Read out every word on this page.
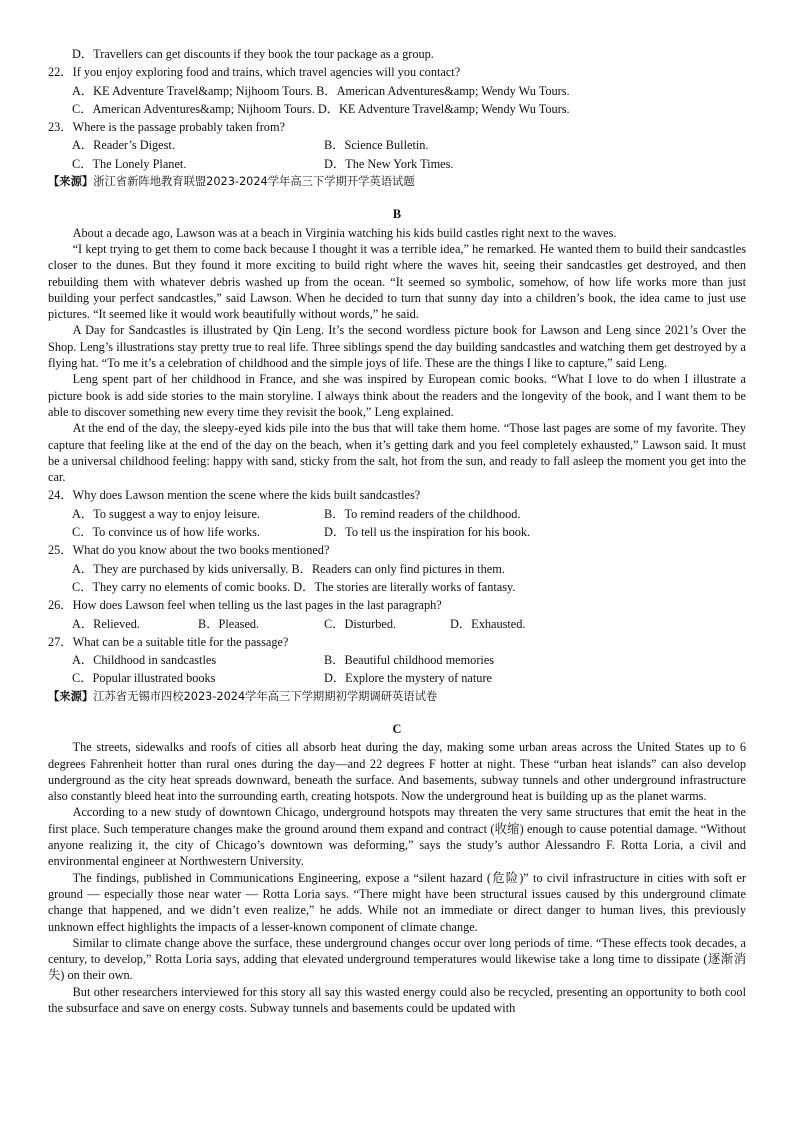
D．Travellers can get discounts if they book the tour package as a group.
22．If you enjoy exploring food and trains, which travel agencies will you contact?
A．KE Adventure Travel&amp; Nijhoom Tours. B．American Adventures&amp; Wendy Wu Tours.
C．American Adventures&amp; Nijhoom Tours. D．KE Adventure Travel&amp; Wendy Wu Tours.
23．Where is the passage probably taken from?
A．Reader’s Digest.	B．Science Bulletin.
C．The Lonely Planet.	D．The New York Times.
【来源】浙江省新阵地教育联盟2023-2024学年高三下学期开学英语试题
B

About a decade ago, Lawson was at a beach in Virginia watching his kids build castles right next to the waves.

“I kept trying to get them to come back because I thought it was a terrible idea,” he remarked. He wanted them to build their sandcastles closer to the dunes. But they found it more exciting to build right where the waves hit, seeing their sandcastles get destroyed, and then rebuilding them with whatever debris washed up from the ocean. “It seemed so symbolic, somehow, of how life works more than just building your perfect sandcastles,” said Lawson. When he decided to turn that sunny day into a children’s book, the idea came to just use pictures. “It seemed like it would work beautifully without words,” he said.

A Day for Sandcastles is illustrated by Qin Leng. It’s the second wordless picture book for Lawson and Leng since 2021’s Over the Shop. Leng’s illustrations stay pretty true to real life. Three siblings spend the day building sandcastles and watching them get destroyed by a flying hat. “To me it’s a celebration of childhood and the simple joys of life. These are the things I like to capture,” said Leng.

Leng spent part of her childhood in France, and she was inspired by European comic books. “What I love to do when I illustrate a picture book is add side stories to the main storyline. I always think about the readers and the longevity of the book, and I want them to be able to discover something new every time they revisit the book,” Leng explained.

At the end of the day, the sleepy-eyed kids pile into the bus that will take them home. “Those last pages are some of my favorite. They capture that feeling like at the end of the day on the beach, when it’s getting dark and you feel completely exhausted,” Lawson said. It must be a universal childhood feeling: happy with sand, sticky from the salt, hot from the sun, and ready to fall asleep the moment you get into the car.

24．Why does Lawson mention the scene where the kids built sandcastles?
A．To suggest a way to enjoy leisure.	B．To remind readers of the childhood.
C．To convince us of how life works.	D．To tell us the inspiration for his book.
25．What do you know about the two books mentioned?
A．They are purchased by kids universally. B．Readers can only find pictures in them.
C．They carry no elements of comic books. D．The stories are literally works of fantasy.
26．How does Lawson feel when telling us the last pages in the last paragraph?
A．Relieved.	B．Pleased.	C．Disturbed.	D．Exhausted.
27．What can be a suitable title for the passage?
A．Childhood in sandcastles	B．Beautiful childhood memories
C．Popular illustrated books	D．Explore the mystery of nature
【来源】江苏省无锡市四校2023-2024学年高三下学期期初学期调研英语试卷
C

The streets, sidewalks and roofs of cities all absorb heat during the day, making some urban areas across the United States up to 6 degrees Fahrenheit hotter than rural ones during the day—and 22 degrees F hotter at night. These “urban heat islands” can also develop underground as the city heat spreads downward, beneath the surface. And basements, subway tunnels and other underground infrastructure also constantly bleed heat into the surrounding earth, creating hotspots. Now the underground heat is building up as the planet warms.

According to a new study of downtown Chicago, underground hotspots may threaten the very same structures that emit the heat in the first place. Such temperature changes make the ground around them expand and contract (收缩) enough to cause potential damage. “Without anyone realizing it, the city of Chicago’s downtown was deforming,” says the study’s author Alessandro F. Rotta Loria, a civil and environmental engineer at Northwestern University.

The findings, published in Communications Engineering, expose a “silent hazard (危险)” to civil infrastructure in cities with soft er ground — especially those near water — Rotta Loria says. “There might have been structural issues caused by this underground climate change that happened, and we didn’t even realize,” he adds. While not an immediate or direct danger to human lives, this previously unknown effect highlights the impacts of a lesser-known component of climate change.

Similar to climate change above the surface, these underground changes occur over long periods of time. “These effects took decades, a century, to develop,” Rotta Loria says, adding that elevated underground temperatures would likewise take a long time to dissipate (逐渐消失) on their own.

But other researchers interviewed for this story all say this wasted energy could also be recycled, presenting an opportunity to both cool the subsurface and save on energy costs. Subway tunnels and basements could be updated with
